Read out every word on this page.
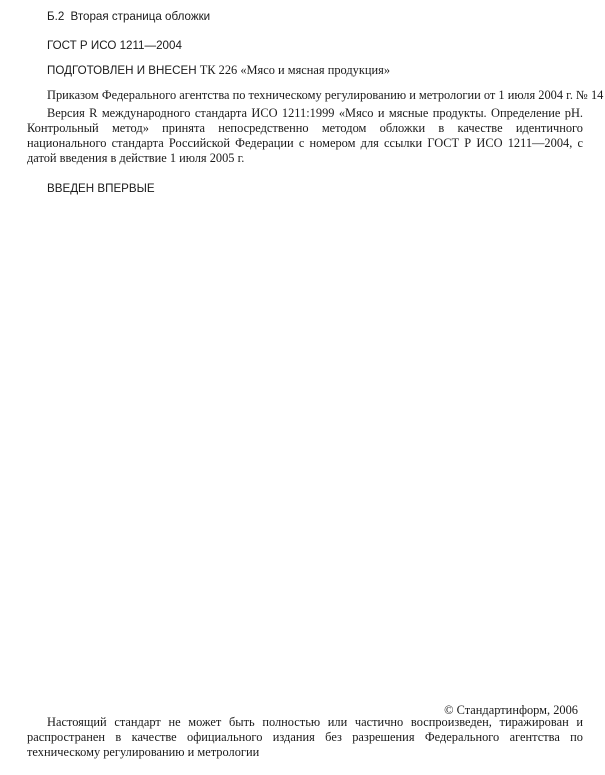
Б.2 Вторая страница обложки
ГОСТ Р ИСО 1211—2004
ПОДГОТОВЛЕН И ВНЕСЕН ТК 226 «Мясо и мясная продукция»
Приказом Федерального агентства по техническому регулированию и метрологии от 1 июля 2004 г. № 14
Версия R международного стандарта ИСО 1211:1999 «Мясо и мясные продукты. Определение рН. Контрольный метод» принята непосредственно методом обложки в качестве идентичного национального стандарта Российской Федерации с номером для ссылки ГОСТ Р ИСО 1211—2004, с датой введения в действие 1 июля 2005 г.
ВВЕДЕН ВПЕРВЫЕ
© Стандартинформ, 2006
Настоящий стандарт не может быть полностью или частично воспроизведен, тиражирован и распространен в качестве официального издания без разрешения Федерального агентства по техническому регулированию и метрологии
